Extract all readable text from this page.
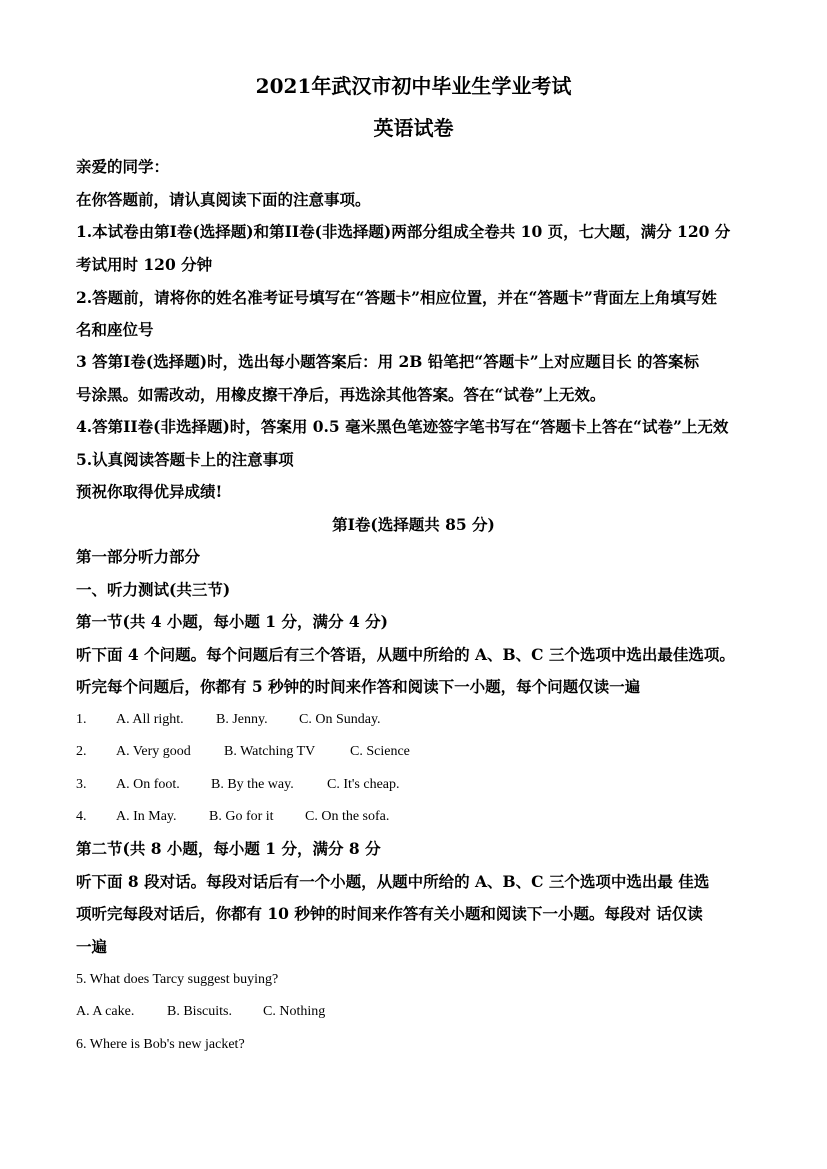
2021年武汉市初中毕业生学业考试
英语试卷
亲爱的同学：
在你答题前，请认真阅读下面的注意事项。
1.本试卷由第Ⅰ卷(选择题)和第II卷(非选择题)两部分组成全卷共 10 页，七大题，满分 120 分
考试用时 120 分钟
2.答题前，请将你的姓名准考证号填写在“答题卡”相应位置，并在“答题卡”背面左上角填写姓
名和座位号
3 答第Ⅰ卷(选择题)时，选出每小题答案后：用 2B 铅笔把“答题卡”上对应题目长 的答案标
号涂黑。如需改动，用橡皮擦干净后，再选涂其他答案。答在“试卷”上无效。
4.答第II卷(非选择题)时，答案用 0.5 毫米黑色笔迹签字笔书写在“答题卡上答在“试卷”上无效
5.认真阅读答题卡上的注意事项
预祝你取得优异成绩!
第Ⅰ卷(选择题共 85 分)
第一部分听力部分
一、听力测试(共三节)
第一节(共 4 小题，每小题 1 分，满分 4 分)
听下面 4 个问题。每个问题后有三个答语，从题中所给的 A、B、C 三个选项中选出最佳选项。
听完每个问题后，你都有 5 秒钟的时间来作答和阅读下一小题，每个问题仅读一遍
1. A. All right. B. Jenny. C. On Sunday.
2. A. Very good B. Watching TV C. Science
3. A. On foot. B. By the way. C. It's cheap.
4. A. In May. B. Go for it C. On the sofa.
第二节(共 8 小题，每小题 1 分，满分 8 分
听下面 8 段对话。每段对话后有一个小题，从题中所给的 A、B、C 三个选项中选出最 佳选
项听完每段对话后，你都有 10 秒钟的时间来作答有关小题和阅读下一小题。每段对 话仅读
一遍
5. What does Tarcy suggest buying?
A. A cake. B. Biscuits. C. Nothing
6. Where is Bob's new jacket?
